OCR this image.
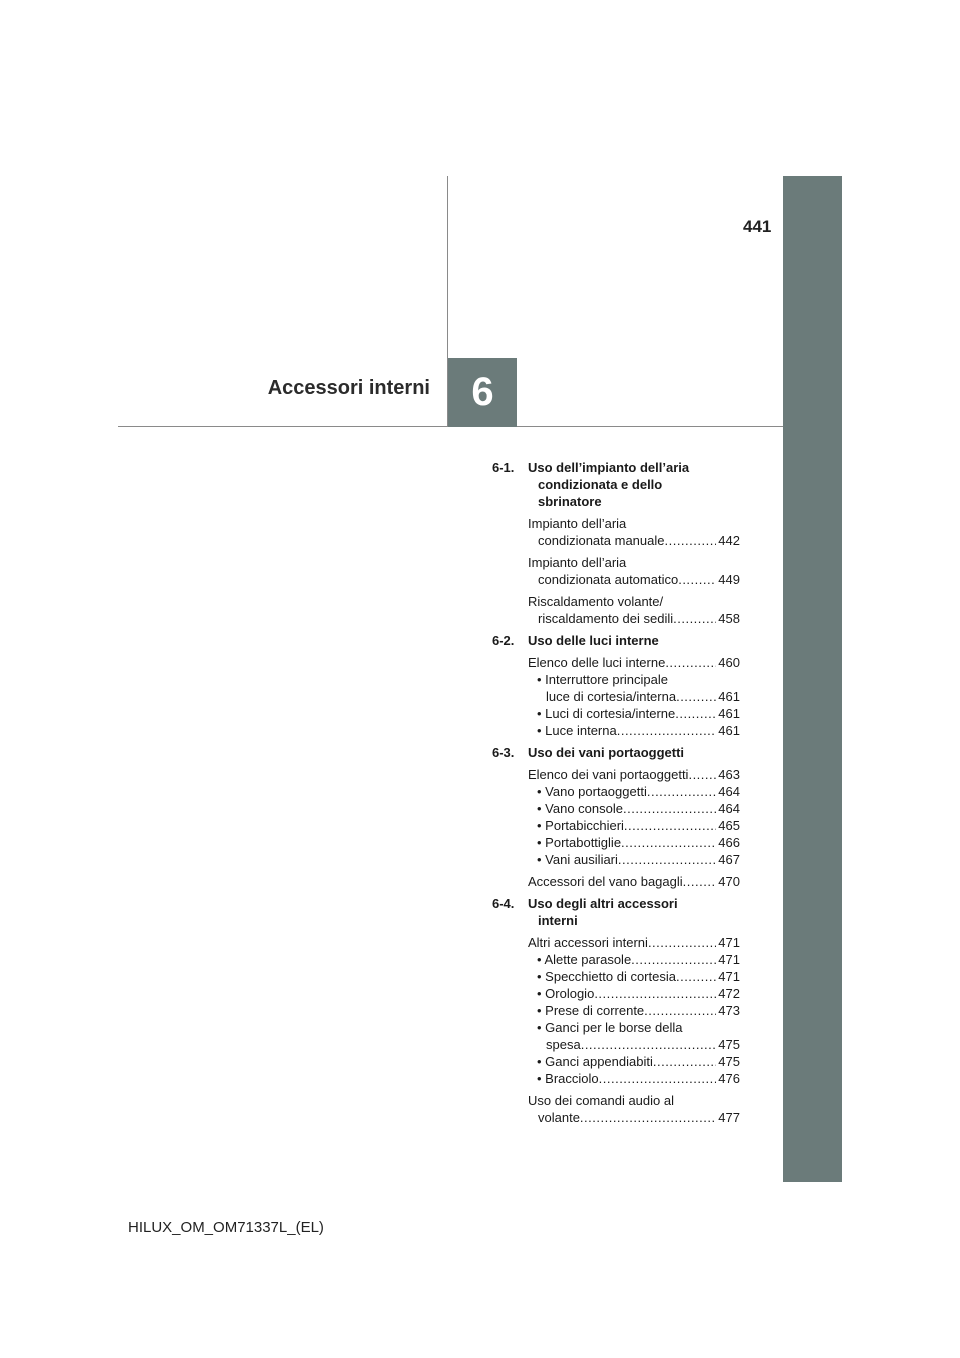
441
Accessori interni 6
6-1.	Uso dell’impianto dell’aria
condizionata e dello
sbrinatore
Impianto dell’aria
condizionata manuale .....	442
Impianto dell’aria
condizionata automatico .....	449
Riscaldamento volante/
riscaldamento dei sedili .....	458
6-2.	Uso delle luci interne
Elenco delle luci interne .....	460
• Interruttore principale
luce di cortesia/interna .....	461
• Luci di cortesia/interne .....	461
• Luce interna .....	461
6-3.	Uso dei vani portaoggetti
Elenco dei vani portaoggetti ..... 463
• Vano portaoggetti .....	464
• Vano console .....	464
• Portabicchieri .....	465
• Portabottiglie .....	466
• Vani ausiliari .....	467
Accessori del vano bagagli .....	470
6-4.	Uso degli altri accessori
interni
Altri accessori interni .....	471
• Alette parasole .....	471
• Specchietto di cortesia .....	471
• Orologio .....	472
• Prese di corrente .....	473
• Ganci per le borse della
spesa .....	475
• Ganci appendiabiti .....	475
• Bracciolo .....	476
Uso dei comandi audio al
volante .....	477
HILUX_OM_OM71337L_(EL)
